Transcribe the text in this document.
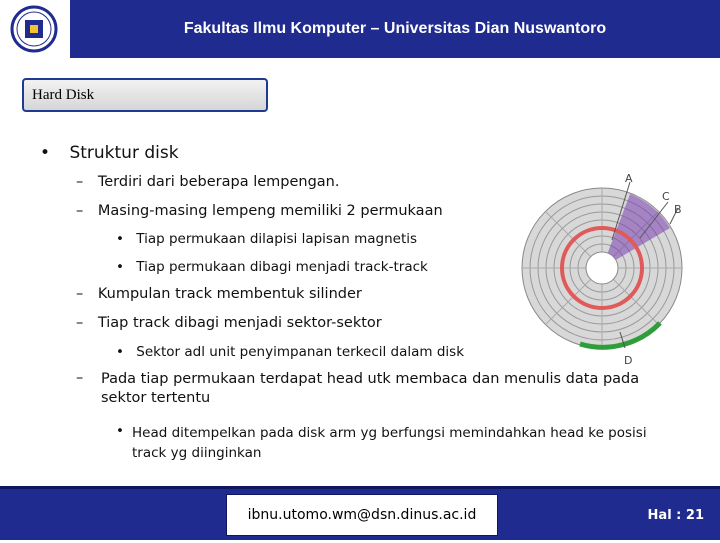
Fakultas Ilmu Komputer – Universitas Dian Nuswantoro
Hard Disk
• Struktur disk
– Terdiri dari beberapa lempengan.
– Masing-masing lempeng memiliki 2 permukaan
• Tiap permukaan dilapisi lapisan magnetis
• Tiap permukaan dibagi menjadi track-track
– Kumpulan track membentuk silinder
– Tiap track dibagi menjadi sektor-sektor
• Sektor adl unit penyimpanan terkecil dalam disk
– Pada tiap permukaan terdapat head utk membaca dan menulis data pada sektor tertentu
• Head ditempelkan pada disk arm yg berfungsi memindahkan head ke posisi track yg diinginkan
A
C
B
D
ibnu.utomo.wm@dsn.dinus.ac.id	Hal : 21
